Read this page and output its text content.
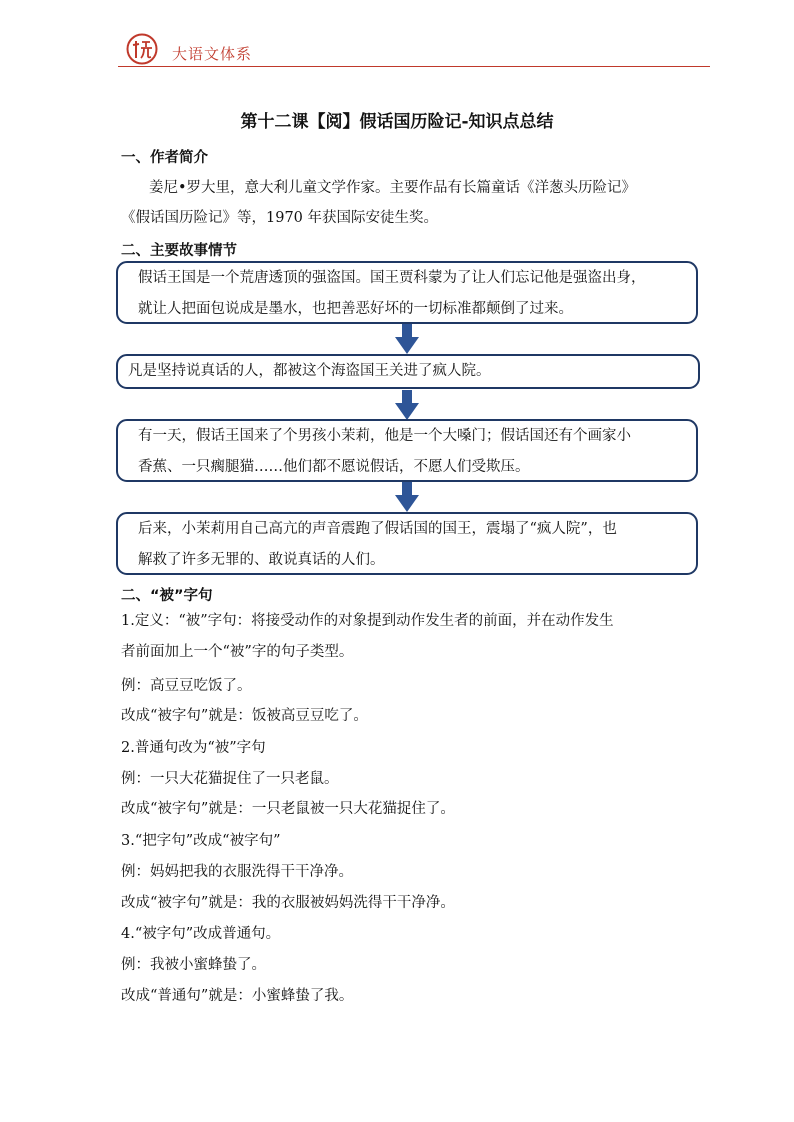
大语文体系
第十二课【阅】假话国历险记-知识点总结
一、作者简介
姜尼•罗大里，意大利儿童文学作家。主要作品有长篇童话《洋葱头历险记》
《假话国历险记》等，1970 年获国际安徒生奖。
二、主要故事情节
假话王国是一个荒唐透顶的强盗国。国王贾科蒙为了让人们忘记他是强盗出身，
就让人把面包说成是墨水，也把善恶好坏的一切标准都颠倒了过来。
凡是坚持说真话的人，都被这个海盗国王关进了疯人院。
有一天，假话王国来了个男孩小茉莉，他是一个大嗓门；假话国还有个画家小
香蕉、一只瘸腿猫……他们都不愿说假话，不愿人们受欺压。
后来，小茉莉用自己高亢的声音震跑了假话国的国王，震塌了“疯人院”，也
解救了许多无罪的、敢说真话的人们。
二、“被”字句
1.定义：“被”字句：将接受动作的对象提到动作发生者的前面，并在动作发生
者前面加上一个“被”字的句子类型。
例：高豆豆吃饭了。
改成“被字句”就是：饭被高豆豆吃了。
2.普通句改为“被”字句
例：一只大花猫捉住了一只老鼠。
改成“被字句”就是：一只老鼠被一只大花猫捉住了。
3.“把字句”改成“被字句”
例：妈妈把我的衣服洗得干干净净。
改成“被字句”就是：我的衣服被妈妈洗得干干净净。
4.“被字句”改成普通句。
例：我被小蜜蜂蛰了。
改成“普通句”就是：小蜜蜂蛰了我。
